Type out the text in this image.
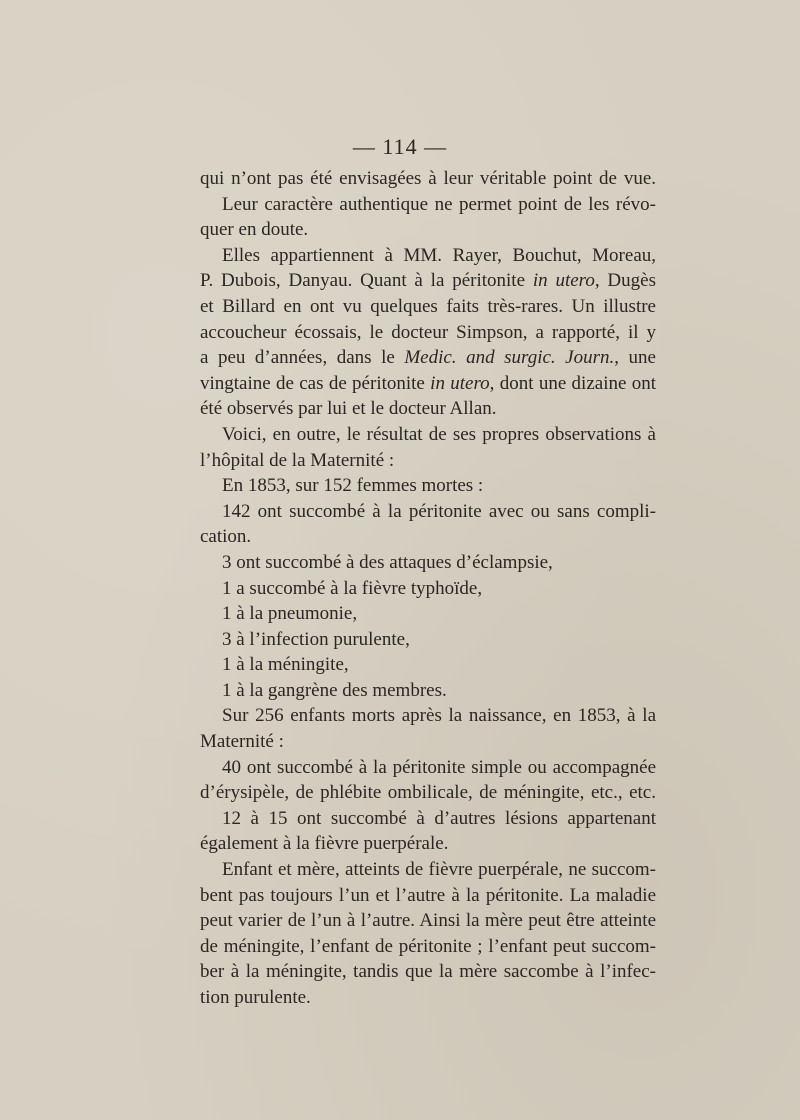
— 114 —

qui n’ont pas été envisagées à leur véritable point de vue.

Leur caractère authentique ne permet point de les révo-

quer en doute.

Elles appartiennent à MM. Rayer, Bouchut, Moreau,

P. Dubois, Danyau. Quant à la péritonite in utero, Dugès

et Billard en ont vu quelques faits très-rares. Un illustre

accoucheur écossais, le docteur Simpson, a rapporté, il y

a peu d’années, dans le Medic. and surgic. Journ., une

vingtaine de cas de péritonite in utero, dont une dizaine ont

été observés par lui et le docteur Allan.

Voici, en outre, le résultat de ses propres observations à

l’hôpital de la Maternité :

En 1853, sur 152 femmes mortes :

142 ont succombé à la péritonite avec ou sans compli-

cation.

3 ont succombé à des attaques d’éclampsie,

1 a succombé à la fièvre typhoïde,

1 à la pneumonie,

3 à l’infection purulente,

1 à la méningite,

1 à la gangrène des membres.

Sur 256 enfants morts après la naissance, en 1853, à la

Maternité :

40 ont succombé à la péritonite simple ou accompagnée

d’érysipèle, de phlébite ombilicale, de méningite, etc., etc.

12 à 15 ont succombé à d’autres lésions appartenant

également à la fièvre puerpérale.

Enfant et mère, atteints de fièvre puerpérale, ne succom-

bent pas toujours l’un et l’autre à la péritonite. La maladie

peut varier de l’un à l’autre. Ainsi la mère peut être atteinte

de méningite, l’enfant de péritonite ; l’enfant peut succom-

ber à la méningite, tandis que la mère saccombe à l’infec-

tion purulente.
